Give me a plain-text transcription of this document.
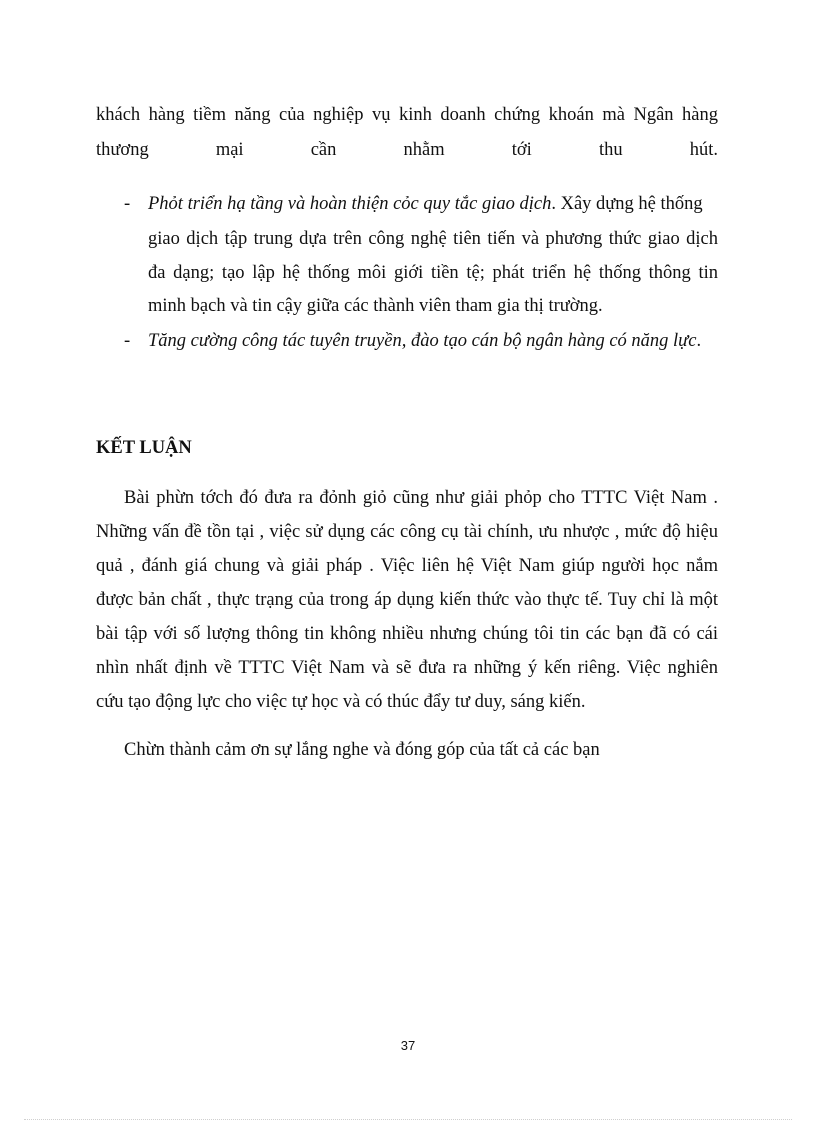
khách hàng tiềm năng của nghiệp vụ kinh doanh chứng khoán mà Ngân hàng
thương mại cần nhằm tới thu hút.
- Phỏt triển hạ tầng và hoàn thiện cỏc quy tắc giao dịch. Xây dựng hệ thống
giao dịch tập trung dựa trên công nghệ tiên tiến và phương thức giao dịch
đa dạng; tạo lập hệ thống môi giới tiền tệ; phát triển hệ thống thông tin
minh bạch và tin cậy giữa các thành viên tham gia thị trường.
- Tăng cường công tác tuyên truyền, đào tạo cán bộ ngân hàng có năng lực.
KẾT LUẬN
Bài phừn tớch đó đưa ra đỏnh giỏ cũng như giải phỏp cho TTTC Việt Nam .
Những vấn đề tồn tại , việc sử dụng các công cụ tài chính, ưu nhược , mức độ hiệu
quả , đánh giá chung và giải pháp . Việc liên hệ Việt Nam giúp người học nắm
được bản chất , thực trạng của trong áp dụng kiến thức vào thực tế. Tuy chỉ là một
bài tập với số lượng thông tin không nhiều nhưng chúng tôi tin các bạn đã có cái
nhìn nhất định về TTTC Việt Nam và sẽ đưa ra những ý kến riêng. Việc nghiên
cứu tạo động lực cho việc tự học và có thúc đẩy tư duy, sáng kiến.
Chừn thành cảm ơn sự lắng nghe và đóng góp của tất cả các bạn
37
